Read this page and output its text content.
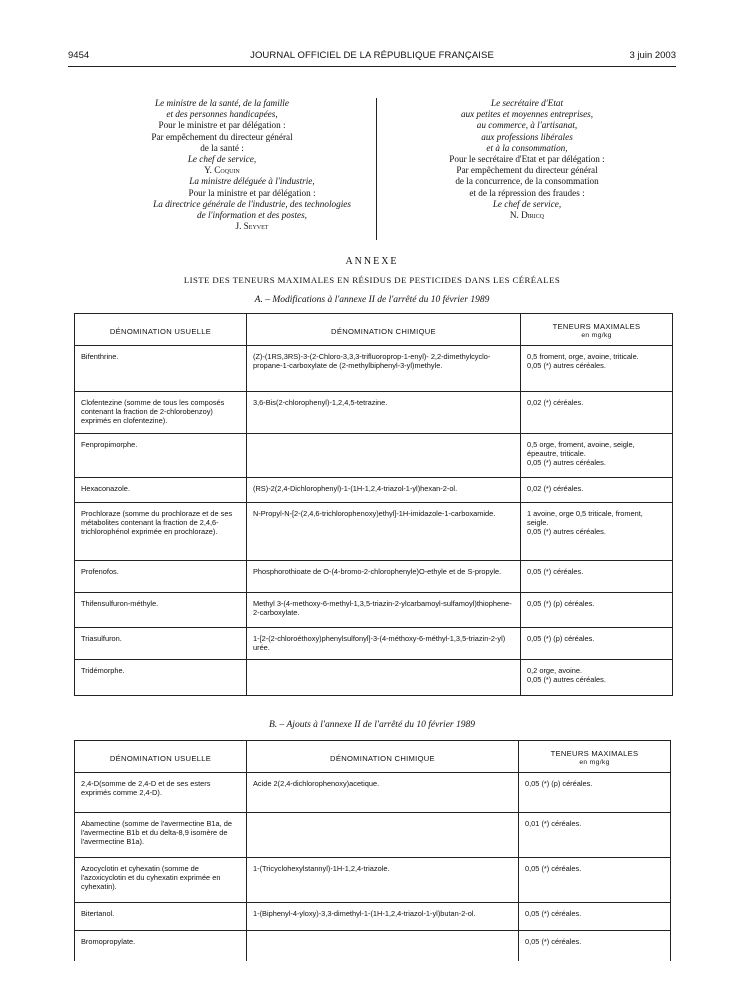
9454	JOURNAL OFFICIEL DE LA RÉPUBLIQUE FRANÇAISE	3 juin 2003
Le ministre de la santé, de la famille
et des personnes handicapées,
Pour le ministre et par délégation :
Par empêchement du directeur général
de la santé :
Le chef de service,
Y. Coquin
La ministre déléguée à l'industrie,
Pour la ministre et par délégation :
La directrice générale de l'industrie, des technologies
de l'information et des postes,
J. Seyvet
Le secrétaire d'Etat
aux petites et moyennes entreprises,
au commerce, à l'artisanat,
aux professions libérales
et à la consommation,
Pour le secrétaire d'Etat et par délégation :
Par empêchement du directeur général
de la concurrence, de la consommation
et de la répression des fraudes :
Le chef de service,
N. Diricq
ANNEXE
LISTE DES TENEURS MAXIMALES EN RÉSIDUS DE PESTICIDES DANS LES CÉRÉALES
A. – Modifications à l'annexe II de l'arrêté du 10 février 1989
DÉNOMINATION USUELLE	DÉNOMINATION CHIMIQUE	TENEURS MAXIMALES
en mg/kg

Bifenthrine.	(Z)-(1RS,3RS)-3-(2-Chloro-3,3,3-trifluoroprop-1-enyl)- 2,2-dimethylcyclo-propane-1-carboxylate de (2-methylbiphenyl-3-yl)methyle.	0,5 froment, orge, avoine, triticale.
0,05 (*) autres céréales.
Clofentezine (somme de tous les composés contenant la fraction de 2-chlorobenzoy) exprimés en clofentezine).	3,6-Bis(2-chlorophenyl)-1,2,4,5-tetrazine.	0,02 (*) céréales.
Fenpropimorphe.		0,5 orge, froment, avoine, seigle, épeautre, triticale.
0,05 (*) autres céréales.
Hexaconazole.	(RS)-2(2,4-Dichlorophenyl)-1-(1H-1,2,4-triazol-1-yl)hexan-2-ol.	0,02 (*) céréales.
Prochloraze (somme du prochloraze et de ses métabolites contenant la fraction de 2,4,6-trichlorophénol exprimée en prochloraze).	N-Propyl-N-[2-(2,4,6-trichlorophenoxy)ethyl]-1H-imidazole-1-carboxamide.	1 avoine, orge 0,5 triticale, froment, seigle.
0,05 (*) autres céréales.
Profenofos.	Phosphorothioate de O-(4-bromo-2-chlorophenyle)O-ethyle et de S-propyle.	0,05 (*) céréales.
Thifensulfuron-méthyle.	Methyl 3-(4-methoxy-6-methyl-1,3,5-triazin-2-ylcarbamoyl-sulfamoyl)thiophene-2-carboxylate.	0,05 (*) (p) céréales.
Triasulfuron.	1-[2-(2-chloroéthoxy)phenylsulfonyl]-3-(4-méthoxy-6-méthyl-1,3,5-triazin-2-yl) urée.	0,05 (*) (p) céréales.
Tridémorphe.		0,2 orge, avoine.
0,05 (*) autres céréales.
B. – Ajouts à l'annexe II de l'arrêté du 10 février 1989
DÉNOMINATION USUELLE	DÉNOMINATION CHIMIQUE	TENEURS MAXIMALES
en mg/kg

2,4-D(somme de 2,4-D et de ses esters exprimés comme 2,4-D).	Acide 2(2,4-dichlorophenoxy)acetique.	0,05 (*) (p) céréales.
Abamectine (somme de l'avermectine B1a, de l'avermectine B1b et du delta-8,9 isomère de l'avermectine B1a).		0,01 (*) céréales.
Azocyclotin et cyhexatin (somme de l'azoxicyclotin et du cyhexatin exprimée en cyhexatin).	1-(Tricyclohexylstannyl)-1H-1,2,4-triazole.	0,05 (*) céréales.
Bitertanol.	1-(Biphenyl-4-yloxy)-3,3-dimethyl-1-(1H-1,2,4-triazol-1-yl)butan-2-ol.	0,05 (*) céréales.
Bromopropylate.		0,05 (*) céréales.
